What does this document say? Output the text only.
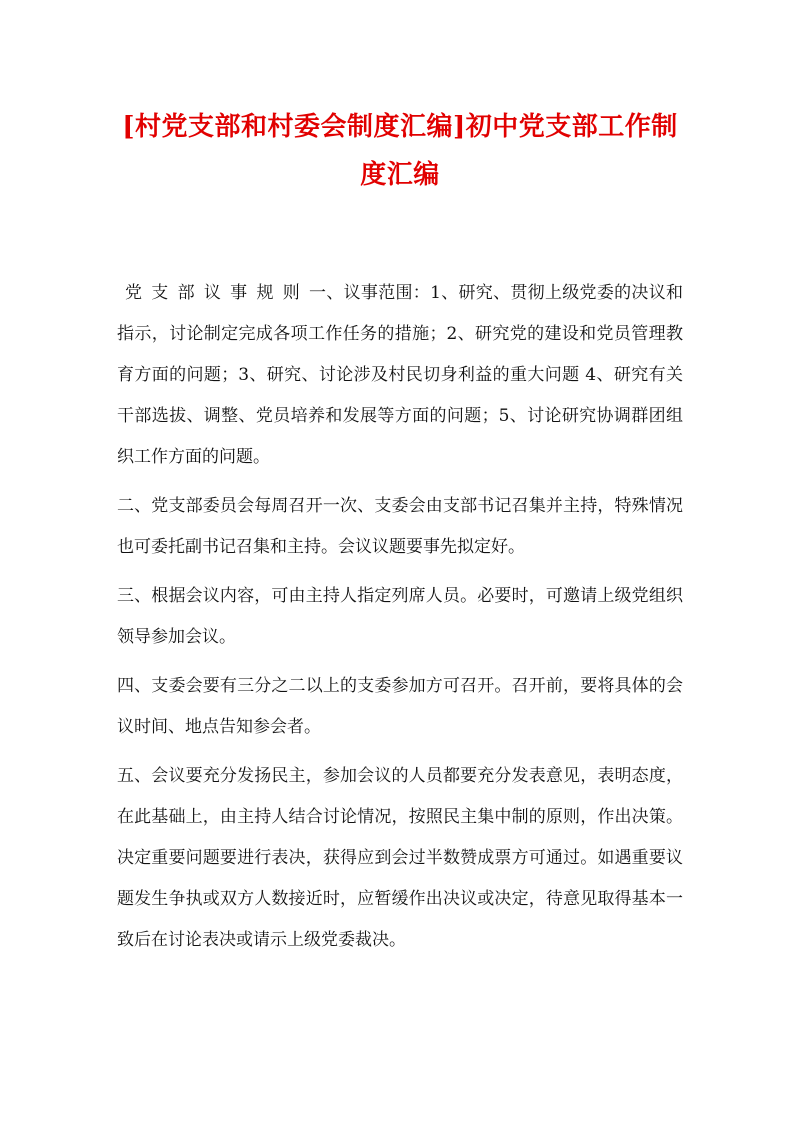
[村党支部和村委会制度汇编]初中党支部工作制度汇编

党支部议事规则一、议事范围：1、研究、贯彻上级党委的决议和指示，讨论制定完成各项工作任务的措施；2、研究党的建设和党员管理教育方面的问题；3、研究、讨论涉及村民切身利益的重大问题 4、研究有关干部选拔、调整、党员培养和发展等方面的问题；5、讨论研究协调群团组织工作方面的问题。

二、党支部委员会每周召开一次、支委会由支部书记召集并主持，特殊情况也可委托副书记召集和主持。会议议题要事先拟定好。

三、根据会议内容，可由主持人指定列席人员。必要时，可邀请上级党组织领导参加会议。

四、支委会要有三分之二以上的支委参加方可召开。召开前，要将具体的会议时间、地点告知参会者。

五、会议要充分发扬民主，参加会议的人员都要充分发表意见，表明态度，在此基础上，由主持人结合讨论情况，按照民主集中制的原则，作出决策。决定重要问题要进行表决，获得应到会过半数赞成票方可通过。如遇重要议题发生争执或双方人数接近时，应暂缓作出决议或决定，待意见取得基本一致后在讨论表决或请示上级党委裁决。
